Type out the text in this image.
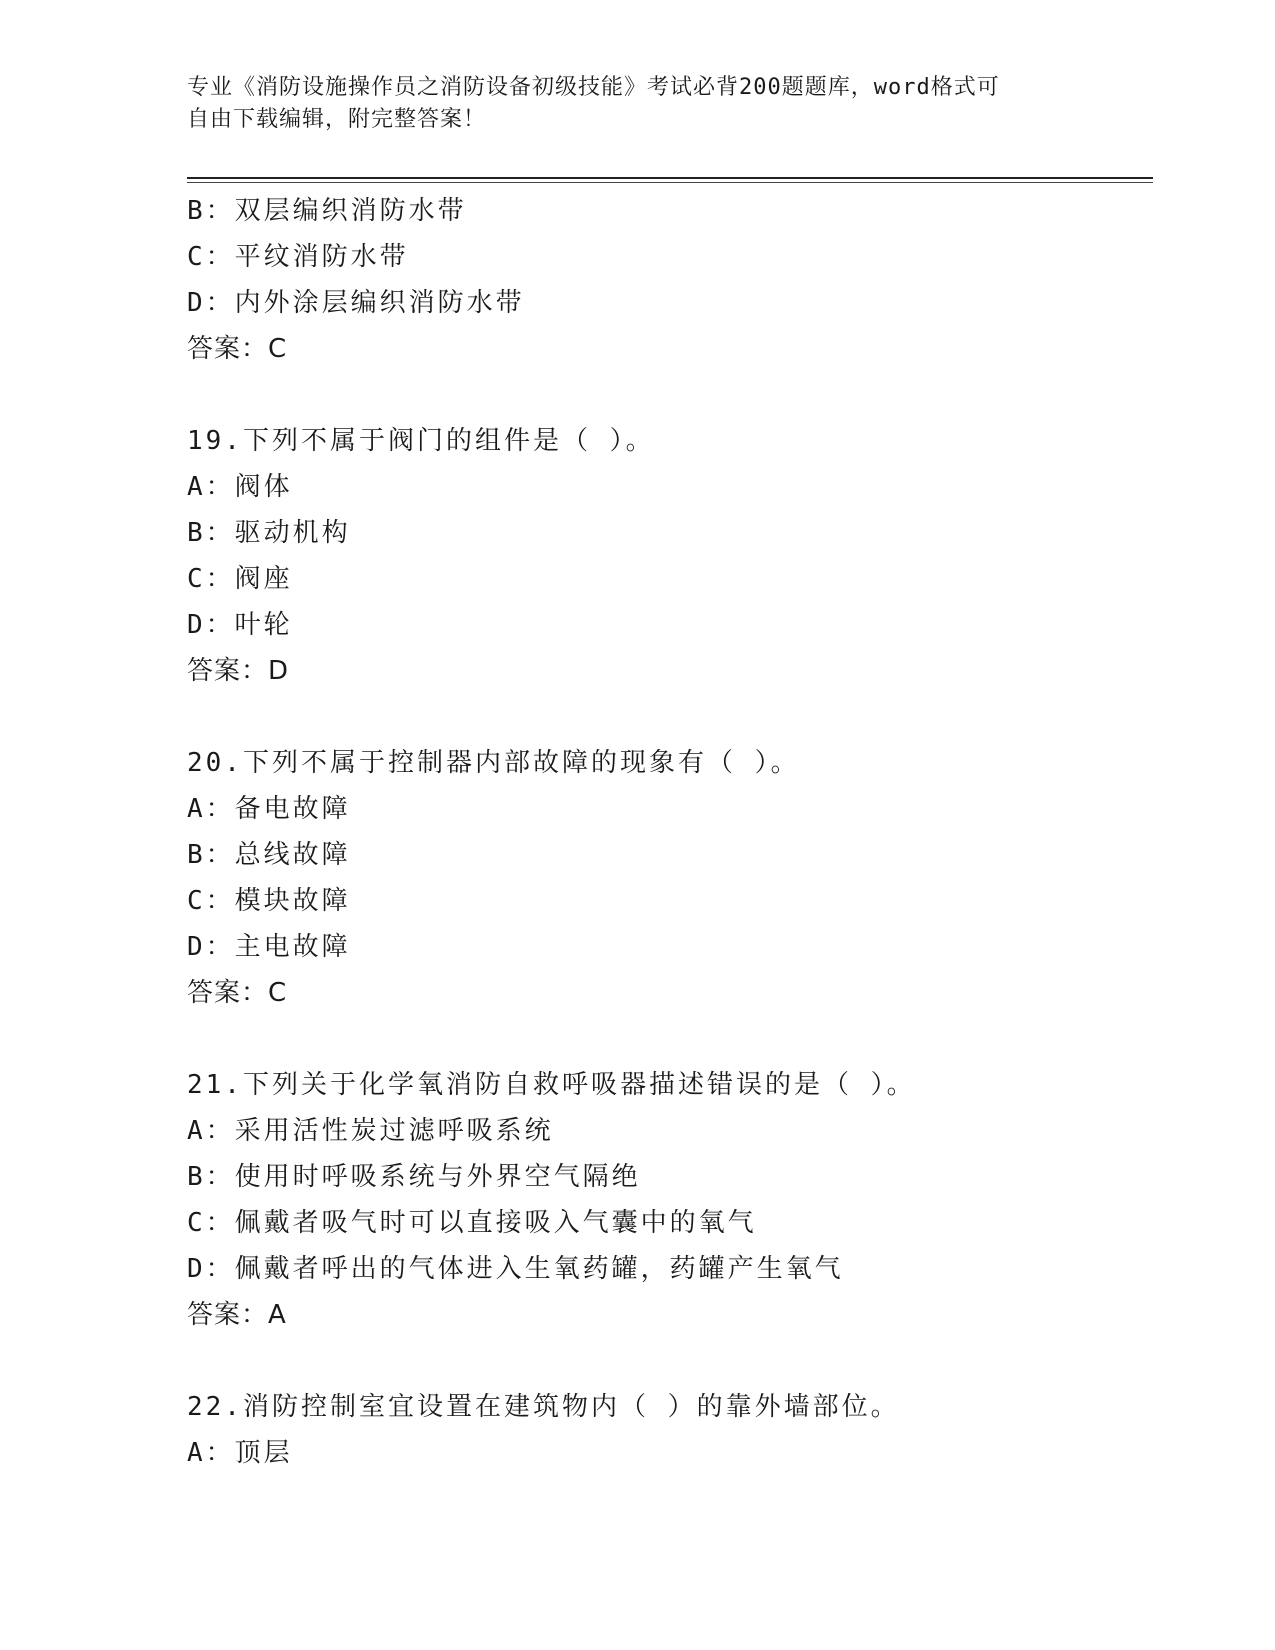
专业《消防设施操作员之消防设备初级技能》考试必背200题题库，word格式可
自由下载编辑，附完整答案！
B：双层编织消防水带
C：平纹消防水带
D：内外涂层编织消防水带
答案：C
19.下列不属于阀门的组件是（ ）。
A：阀体
B：驱动机构
C：阀座
D：叶轮
答案：D
20.下列不属于控制器内部故障的现象有（ ）。
A：备电故障
B：总线故障
C：模块故障
D：主电故障
答案：C
21.下列关于化学氧消防自救呼吸器描述错误的是（ ）。
A：采用活性炭过滤呼吸系统
B：使用时呼吸系统与外界空气隔绝
C：佩戴者吸气时可以直接吸入气囊中的氧气
D：佩戴者呼出的气体进入生氧药罐，药罐产生氧气
答案：A
22.消防控制室宜设置在建筑物内（ ）的靠外墙部位。
A：顶层
